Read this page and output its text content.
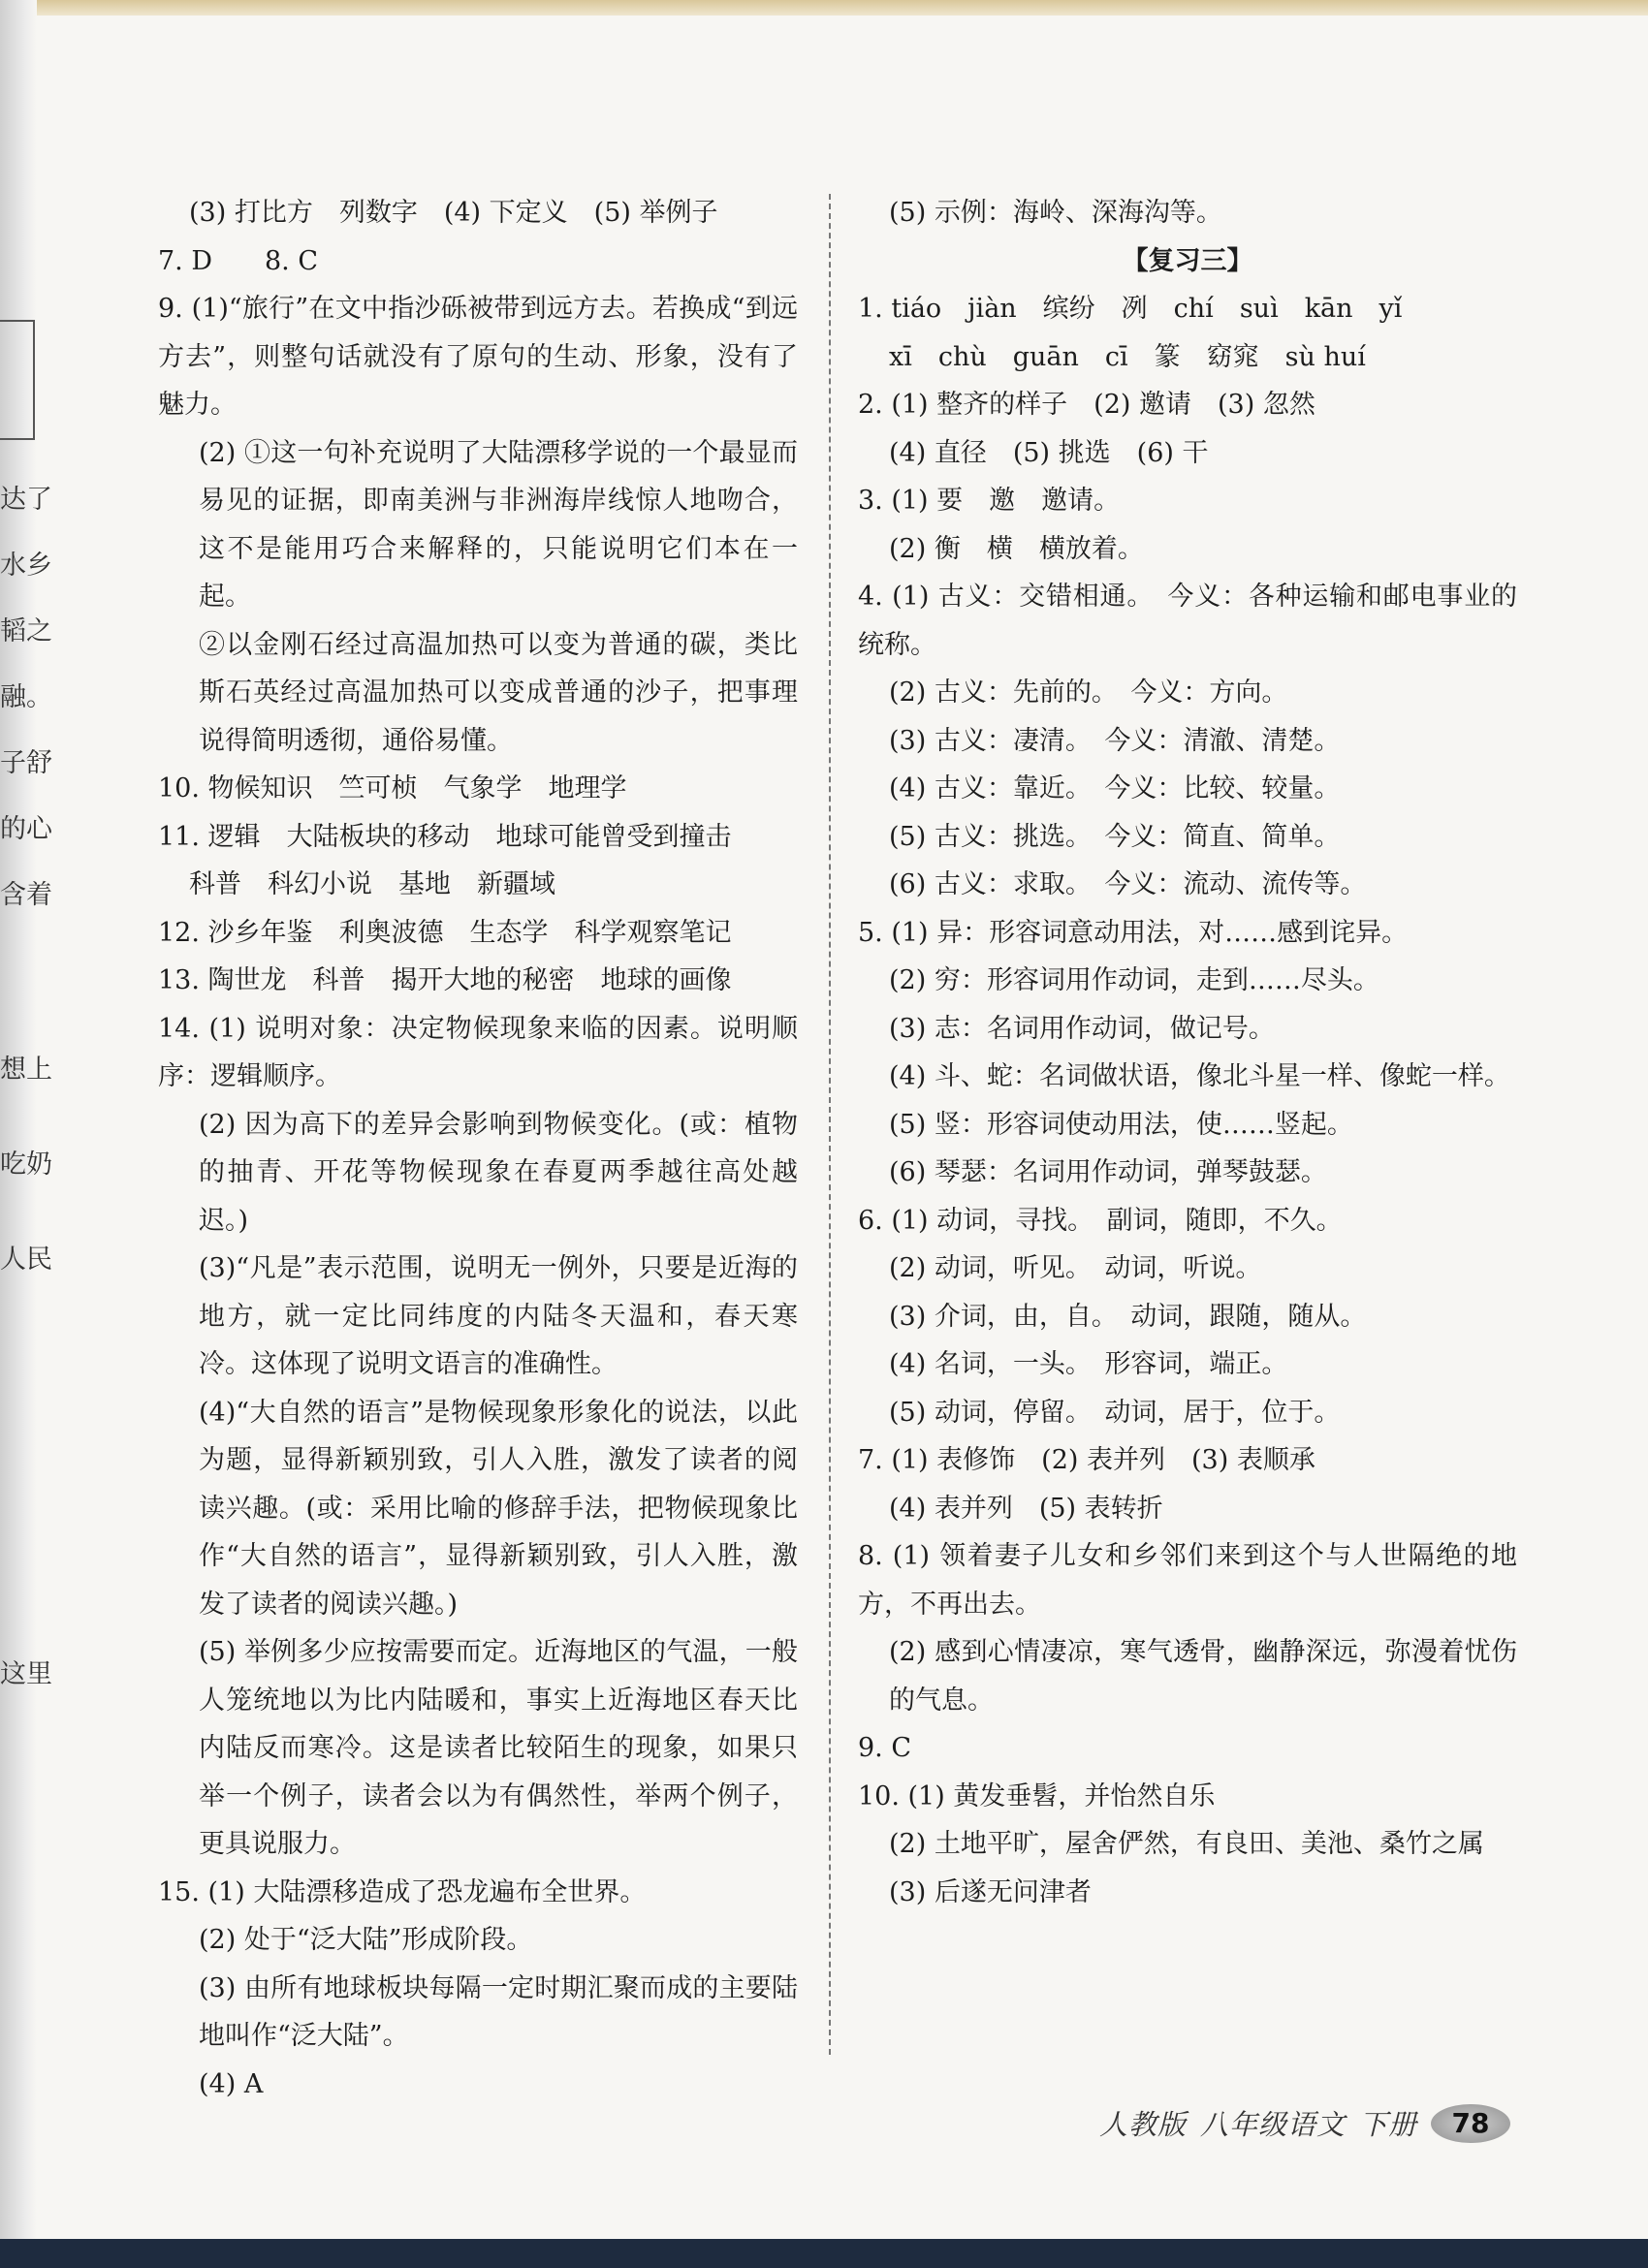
达了
水乡
韬之
融。
子舒
的心
含着
想上
吃奶
人民
这里

(3) 打比方　列数字　(4) 下定义　(5) 举例子

7. D　　8. C

9. (1)“旅行”在文中指沙砾被带到远方去。若换成“到远方去”，则整句话就没有了原句的生动、形象，没有了魅力。

(2) ①这一句补充说明了大陆漂移学说的一个最显而易见的证据，即南美洲与非洲海岸线惊人地吻合，这不是能用巧合来解释的，只能说明它们本在一起。

②以金刚石经过高温加热可以变为普通的碳，类比斯石英经过高温加热可以变成普通的沙子，把事理说得简明透彻，通俗易懂。

10. 物候知识　竺可桢　气象学　地理学

11. 逻辑　大陆板块的移动　地球可能曾受到撞击

科普　科幻小说　基地　新疆域

12. 沙乡年鉴　利奥波德　生态学　科学观察笔记

13. 陶世龙　科普　揭开大地的秘密　地球的画像

14. (1) 说明对象：决定物候现象来临的因素。说明顺序：逻辑顺序。

(2) 因为高下的差异会影响到物候变化。(或：植物的抽青、开花等物候现象在春夏两季越往高处越迟。)

(3)“凡是”表示范围，说明无一例外，只要是近海的地方，就一定比同纬度的内陆冬天温和，春天寒冷。这体现了说明文语言的准确性。

(4)“大自然的语言”是物候现象形象化的说法，以此为题，显得新颖别致，引人入胜，激发了读者的阅读兴趣。(或：采用比喻的修辞手法，把物候现象比作“大自然的语言”，显得新颖别致，引人入胜，激发了读者的阅读兴趣。)

(5) 举例多少应按需要而定。近海地区的气温，一般人笼统地以为比内陆暖和，事实上近海地区春天比内陆反而寒冷。这是读者比较陌生的现象，如果只举一个例子，读者会以为有偶然性，举两个例子，更具说服力。

15. (1) 大陆漂移造成了恐龙遍布全世界。

(2) 处于“泛大陆”形成阶段。

(3) 由所有地球板块每隔一定时期汇聚而成的主要陆地叫作“泛大陆”。

(4) A

(5) 示例：海岭、深海沟等。

【复习三】

1. tiáo　jiàn　缤纷　冽　chí　suì　kān　yǐ

xī　chù　guān　cī　篆　窈窕　sù huí

2. (1) 整齐的样子　(2) 邀请　(3) 忽然

(4) 直径　(5) 挑选　(6) 干

3. (1) 要　邀　邀请。

(2) 衡　横　横放着。

4. (1) 古义：交错相通。　今义：各种运输和邮电事业的统称。

(2) 古义：先前的。　今义：方向。

(3) 古义：凄清。　今义：清澈、清楚。

(4) 古义：靠近。　今义：比较、较量。

(5) 古义：挑选。　今义：简直、简单。

(6) 古义：求取。　今义：流动、流传等。

5. (1) 异：形容词意动用法，对……感到诧异。

(2) 穷：形容词用作动词，走到……尽头。

(3) 志：名词用作动词，做记号。

(4) 斗、蛇：名词做状语，像北斗星一样、像蛇一样。

(5) 竖：形容词使动用法，使……竖起。

(6) 琴瑟：名词用作动词，弹琴鼓瑟。

6. (1) 动词，寻找。　副词，随即，不久。

(2) 动词，听见。　动词，听说。

(3) 介词，由，自。　动词，跟随，随从。

(4) 名词，一头。　形容词，端正。

(5) 动词，停留。　动词，居于，位于。

7. (1) 表修饰　(2) 表并列　(3) 表顺承

(4) 表并列　(5) 表转折

8. (1) 领着妻子儿女和乡邻们来到这个与人世隔绝的地方，不再出去。

(2) 感到心情凄凉，寒气透骨，幽静深远，弥漫着忧伤的气息。

9. C

10. (1) 黄发垂髫，并怡然自乐

(2) 土地平旷，屋舍俨然，有良田、美池、桑竹之属

(3) 后遂无问津者

人教版 八年级语文 下册	78
